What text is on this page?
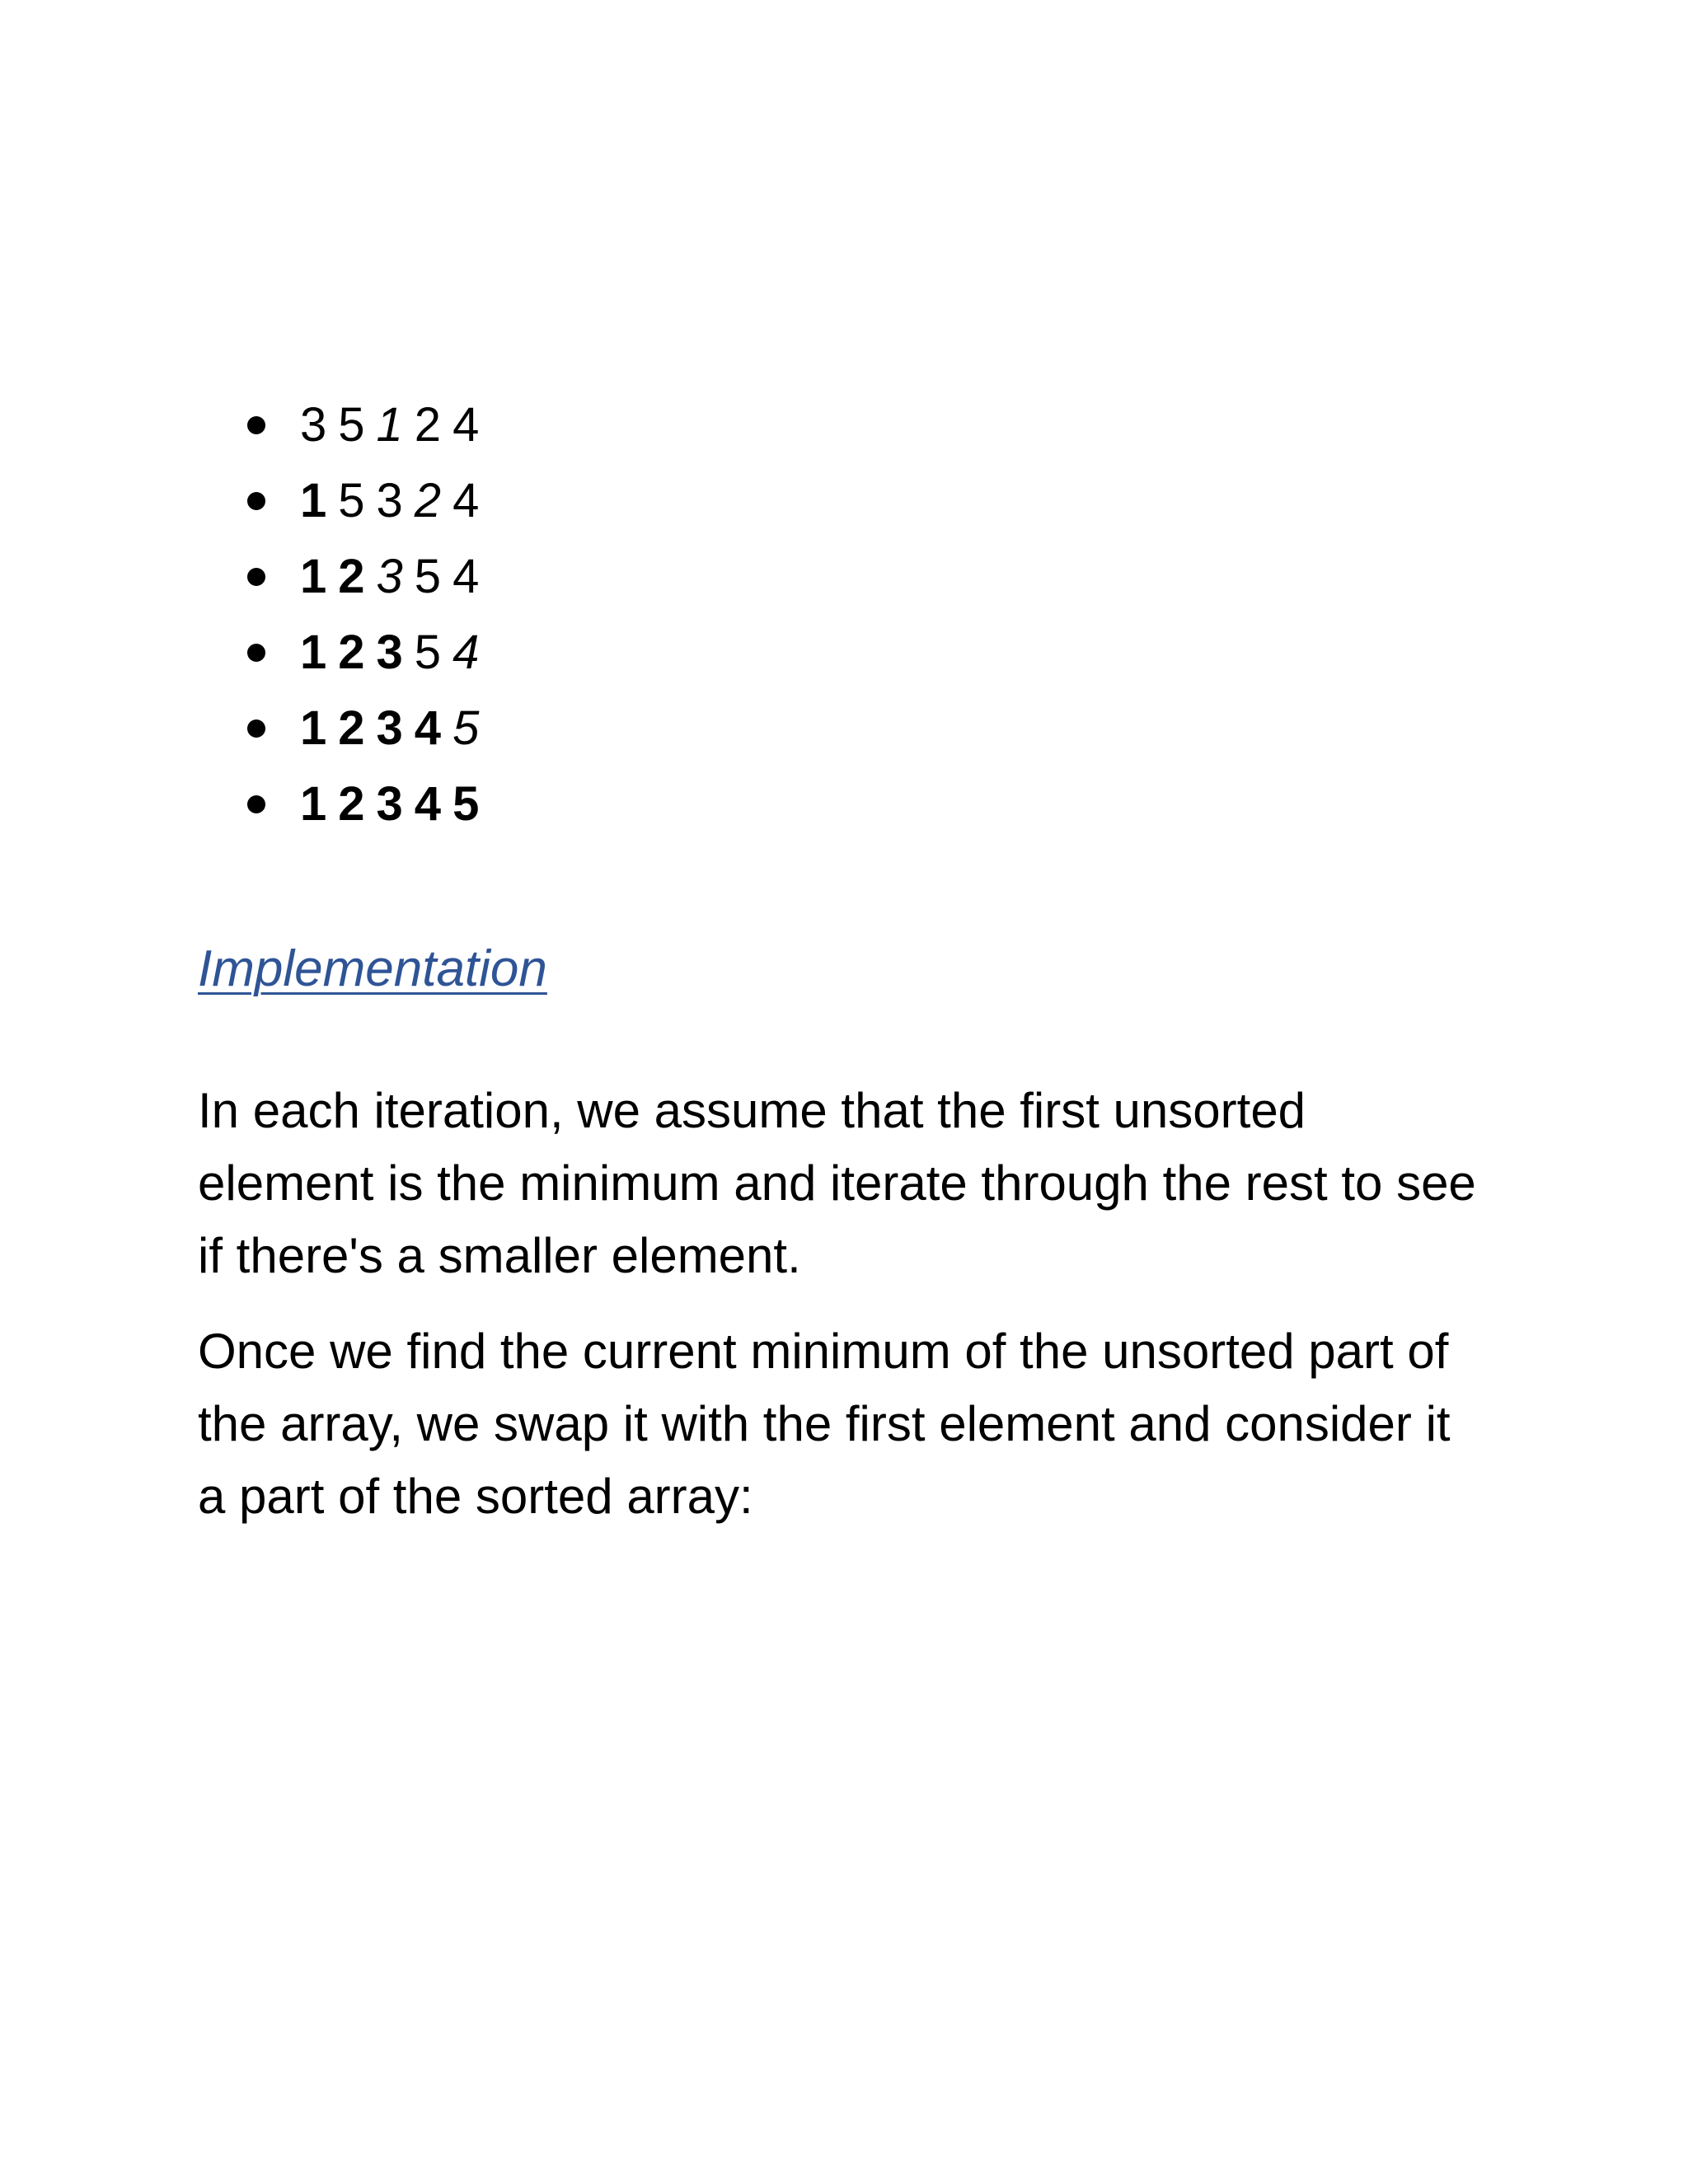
3 5 1 2 4
1 5 3 2 4
1 2 3 5 4
1 2 3 5 4
1 2 3 4 5
1 2 3 4 5
Implementation

In each iteration, we assume that the first unsorted element is the minimum and iterate through the rest to see if there's a smaller element.

Once we find the current minimum of the unsorted part of the array, we swap it with the first element and consider it a part of the sorted array:
